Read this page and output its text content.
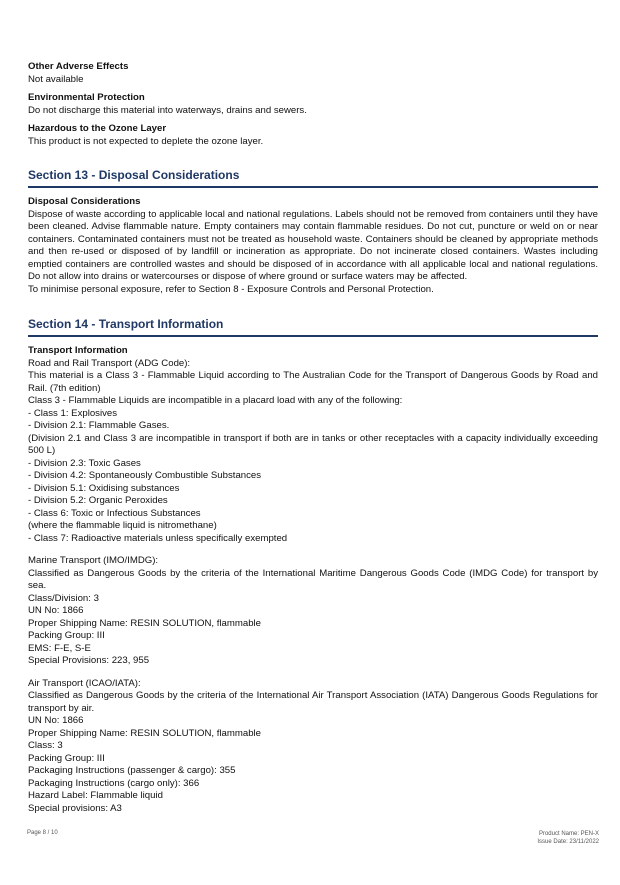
Other Adverse Effects
Not available
Environmental Protection
Do not discharge this material into waterways, drains and sewers.
Hazardous to the Ozone Layer
This product is not expected to deplete the ozone layer.
Section 13 - Disposal Considerations
Disposal Considerations
Dispose of waste according to applicable local and national regulations. Labels should not be removed from containers until they have been cleaned. Advise flammable nature. Empty containers may contain flammable residues. Do not cut, puncture or weld on or near containers. Contaminated containers must not be treated as household waste. Containers should be cleaned by appropriate methods and then re-used or disposed of by landfill or incineration as appropriate. Do not incinerate closed containers. Wastes including emptied containers are controlled wastes and should be disposed of in accordance with all applicable local and national regulations. Do not allow into drains or watercourses or dispose of where ground or surface waters may be affected.
To minimise personal exposure, refer to Section 8 - Exposure Controls and Personal Protection.
Section 14 - Transport Information
Transport Information
Road and Rail Transport (ADG Code):
This material is a Class 3 - Flammable Liquid according to The Australian Code for the Transport of Dangerous Goods by Road and Rail. (7th edition)
Class 3 - Flammable Liquids are incompatible in a placard load with any of the following:
- Class 1: Explosives
- Division 2.1: Flammable Gases.
(Division 2.1 and Class 3 are incompatible in transport if both are in tanks or other receptacles with a capacity individually exceeding 500 L)
- Division 2.3: Toxic Gases
- Division 4.2: Spontaneously Combustible Substances
- Division 5.1: Oxidising substances
- Division 5.2: Organic Peroxides
- Class 6: Toxic or Infectious Substances
(where the flammable liquid is nitromethane)
- Class 7: Radioactive materials unless specifically exempted
Marine Transport (IMO/IMDG):
Classified as Dangerous Goods by the criteria of the International Maritime Dangerous Goods Code (IMDG Code) for transport by sea.
Class/Division: 3
UN No: 1866
Proper Shipping Name: RESIN SOLUTION, flammable
Packing Group: III
EMS: F-E, S-E
Special Provisions: 223, 955
Air Transport (ICAO/IATA):
Classified as Dangerous Goods by the criteria of the International Air Transport Association (IATA) Dangerous Goods Regulations for transport by air.
UN No: 1866
Proper Shipping Name: RESIN SOLUTION, flammable
Class: 3
Packing Group: III
Packaging Instructions (passenger & cargo): 355
Packaging Instructions (cargo only): 366
Hazard Label: Flammable liquid
Special provisions: A3
Page 8 / 10	Product Name: PEN-X
Issue Date: 23/11/2022
